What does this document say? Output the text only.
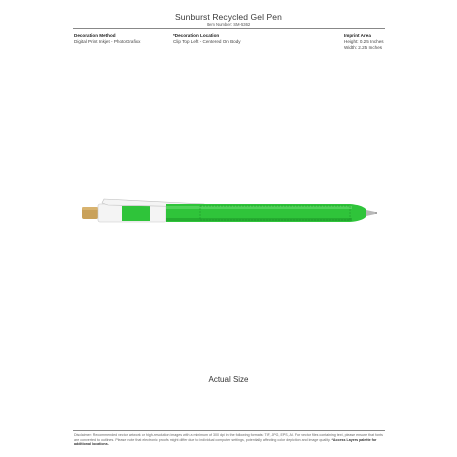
Sunburst Recycled Gel Pen
Item Number: SM-5362
Decoration Method
Digital Print Inkjet - PhotoGrafixx
*Decoration Location
Clip Top Left - Centered On Body
Imprint Area
Height: 0.25 Inches
Width: 2.25 Inches
Actual Size
Disclaimer: Recommended vector artwork or high-resolution images with a minimum of 300 dpi in the following formats: TIF, JPG, EPS, AI. For vector files containing text, please ensure that fonts are converted to outlines. Please note that electronic proofs might differ due to individual computer settings, potentially affecting color depiction and image quality. *Access Layers palette for additional locations.
